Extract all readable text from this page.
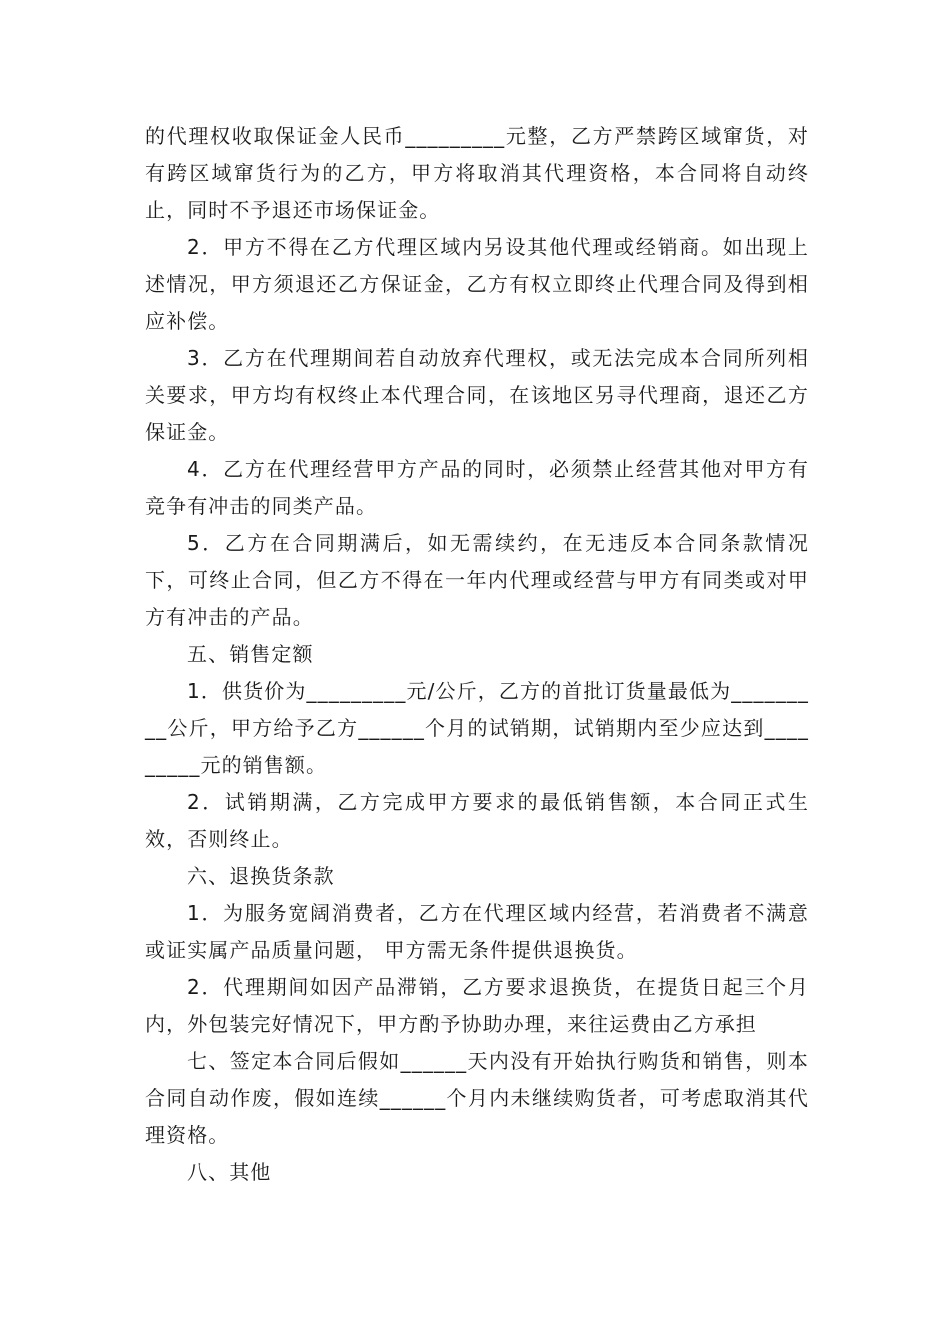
的代理权收取保证金人民币_________元整，乙方严禁跨区域窜货，对有跨区域窜货行为的乙方，甲方将取消其代理资格，本合同将自动终止，同时不予退还市场保证金。

2．甲方不得在乙方代理区域内另设其他代理或经销商。如出现上述情况，甲方须退还乙方保证金，乙方有权立即终止代理合同及得到相应补偿。

3．乙方在代理期间若自动放弃代理权，或无法完成本合同所列相关要求，甲方均有权终止本代理合同，在该地区另寻代理商，退还乙方保证金。

4．乙方在代理经营甲方产品的同时，必须禁止经营其他对甲方有竞争有冲击的同类产品。

5．乙方在合同期满后，如无需续约，在无违反本合同条款情况下，可终止合同，但乙方不得在一年内代理或经营与甲方有同类或对甲方有冲击的产品。

五、销售定额

1．供货价为_________元/公斤，乙方的首批订货量最低为_________公斤，甲方给予乙方______个月的试销期，试销期内至少应达到_________元的销售额。

2．试销期满，乙方完成甲方要求的最低销售额，本合同正式生效，否则终止。

六、退换货条款

1．为服务宽阔消费者，乙方在代理区域内经营，若消费者不满意或证实属产品质量问题， 甲方需无条件提供退换货。

2．代理期间如因产品滞销，乙方要求退换货，在提货日起三个月内，外包装完好情况下，甲方酌予协助办理，来往运费由乙方承担

七、签定本合同后假如______天内没有开始执行购货和销售，则本合同自动作废，假如连续______个月内未继续购货者，可考虑取消其代理资格。

八、其他
